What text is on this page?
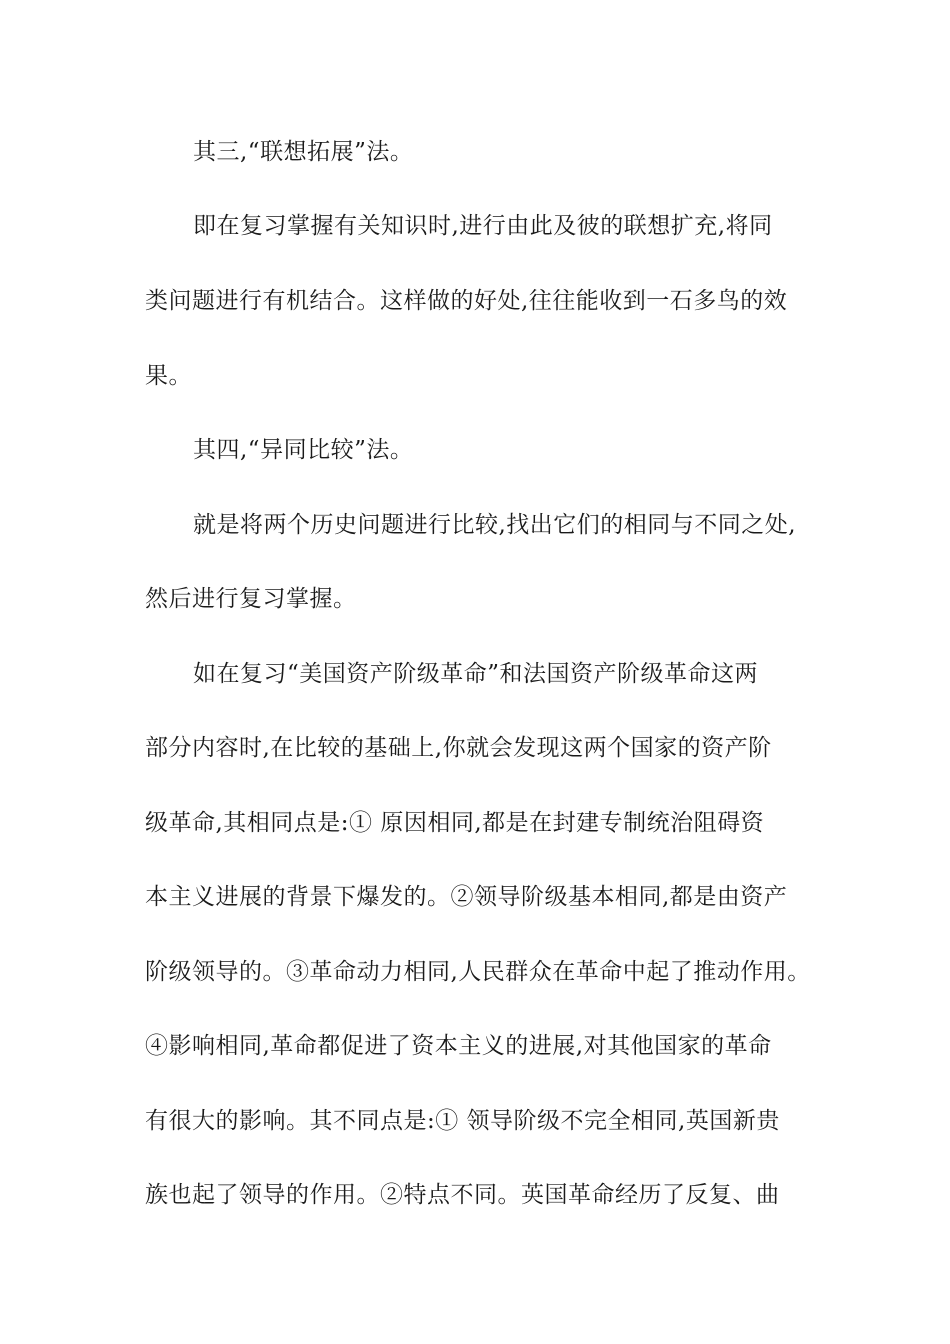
其三,“联想拓展”法。
即在复习掌握有关知识时,进行由此及彼的联想扩充,将同
类问题进行有机结合。这样做的好处,往往能收到一石多鸟的效
果。
其四,“异同比较”法。
就是将两个历史问题进行比较,找出它们的相同与不同之处,
然后进行复习掌握。
如在复习“美国资产阶级革命”和法国资产阶级革命这两
部分内容时,在比较的基础上,你就会发现这两个国家的资产阶
级革命,其相同点是:① 原因相同,都是在封建专制统治阻碍资
本主义进展的背景下爆发的。②领导阶级基本相同,都是由资产
阶级领导的。③革命动力相同,人民群众在革命中起了推动作用。
④影响相同,革命都促进了资本主义的进展,对其他国家的革命
有很大的影响。其不同点是:① 领导阶级不完全相同,英国新贵
族也起了领导的作用。②特点不同。英国革命经历了反复、曲
